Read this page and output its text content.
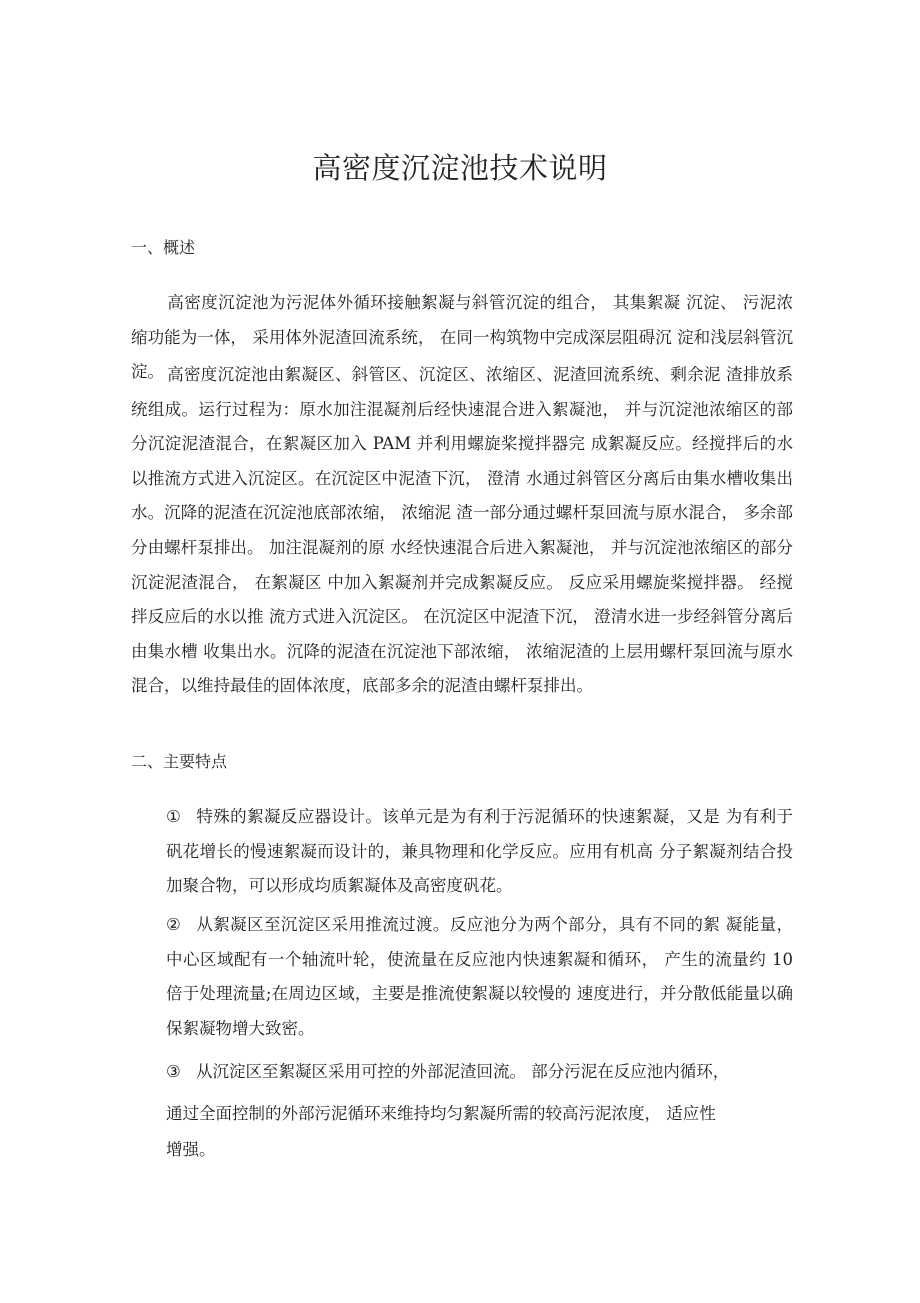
高密度沉淀池技术说明
一、概述
高密度沉淀池为污泥体外循环接触絮凝与斜管沉淀的组合， 其集絮凝 沉淀、 污泥浓缩功能为一体， 采用体外泥渣回流系统， 在同一构筑物中完成深层阻碍沉 淀和浅层斜管沉淀。 高密度沉淀池由絮凝区、斜管区、沉淀区、浓缩区、泥渣回流系统、剩余泥 渣排放系统组成。运行过程为：原水加注混凝剂后经快速混合进入絮凝池， 并与沉淀池浓缩区的部分沉淀泥渣混合，在絮凝区加入 PAM 并利用螺旋桨搅拌器完 成絮凝反应。经搅拌后的水以推流方式进入沉淀区。在沉淀区中泥渣下沉， 澄清 水通过斜管区分离后由集水槽收集出水。沉降的泥渣在沉淀池底部浓缩， 浓缩泥 渣一部分通过螺杆泵回流与原水混合， 多余部分由螺杆泵排出。 加注混凝剂的原 水经快速混合后进入絮凝池， 并与沉淀池浓缩区的部分沉淀泥渣混合， 在絮凝区 中加入絮凝剂并完成絮凝反应。 反应采用螺旋桨搅拌器。 经搅拌反应后的水以推 流方式进入沉淀区。 在沉淀区中泥渣下沉， 澄清水进一步经斜管分离后由集水槽 收集出水。沉降的泥渣在沉淀池下部浓缩， 浓缩泥渣的上层用螺杆泵回流与原水 混合，以维持最佳的固体浓度，底部多余的泥渣由螺杆泵排出。
二、主要特点
① 特殊的絮凝反应器设计。该单元是为有利于污泥循环的快速絮凝，又是 为有利于矾花增长的慢速絮凝而设计的，兼具物理和化学反应。应用有机高 分子絮凝剂结合投加聚合物，可以形成均质絮凝体及高密度矾花。
② 从絮凝区至沉淀区采用推流过渡。反应池分为两个部分，具有不同的絮 凝能量，中心区域配有一个轴流叶轮，使流量在反应池内快速絮凝和循环， 产生的流量约 10 倍于处理流量;在周边区域，主要是推流使絮凝以较慢的 速度进行，并分散低能量以确保絮凝物增大致密。
③ 从沉淀区至絮凝区采用可控的外部泥渣回流。 部分污泥在反应池内循环，
通过全面控制的外部污泥循环来维持均匀絮凝所需的较高污泥浓度， 适应性
增强。
